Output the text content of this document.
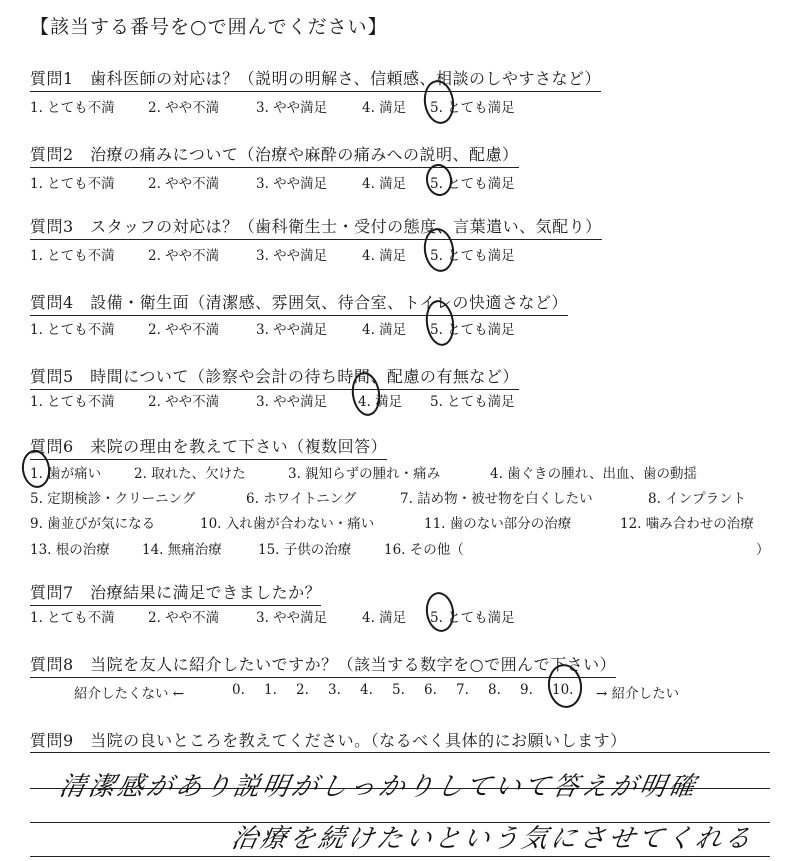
【該当する番号を○で囲んでください】
質問1　歯科医師の対応は？（説明の明解さ、信頼感、相談のしやすさなど）
1. とても不満 2. やや不満	3. やや満足	4. 満足 5. とても満足
質問2　治療の痛みについて（治療や麻酔の痛みへの説明、配慮）
1. とても不満 2. やや不満	3. やや満足	4. 満足 5. とても満足
質問3　スタッフの対応は？（歯科衛生士・受付の態度、言葉遣い、気配り）
1. とても不満 2. やや不満	3. やや満足	4. 満足 5. とても満足
質問4　設備・衛生面（清潔感、雰囲気、待合室、トイレの快適さなど）
1. とても不満 2. やや不満	3. やや満足	4. 満足 5. とても満足
質問5　時間について（診察や会計の待ち時間、配慮の有無など）
1. とても不満 2. やや不満	3. やや満足 4. 満足 5. とても満足
質問6　来院の理由を教えて下さい（複数回答）
1. 歯が痛い 2. 取れた、欠けた	3. 親知らずの腫れ・痛み	4. 歯ぐきの腫れ、出血、歯の動揺
5. 定期検診・クリーニング	6. ホワイトニング	7. 詰め物・被せ物を白くしたい	8. インプラント
9. 歯並びが気になる	10. 入れ歯が合わない・痛い	11. 歯のない部分の治療	12. 噛み合わせの治療
13. 根の治療 14. 無痛治療	15. 子供の治療 16. その他（	）
質問7　治療結果に満足できましたか？
1. とても不満 2. やや不満	3. やや満足	4. 満足 5. とても満足
質問8　当院を友人に紹介したいですか？（該当する数字を○で囲んで下さい）
紹介したくない ←	0. 1. 2. 3. 4. 5. 6. 7. 8. 9. 10. → 紹介したい
質問9　当院の良いところを教えてください。（なるべく具体的にお願いします）
清潔感があり説明がしっかりしていて答えが明確
治療を続けたいという気にさせてくれる
